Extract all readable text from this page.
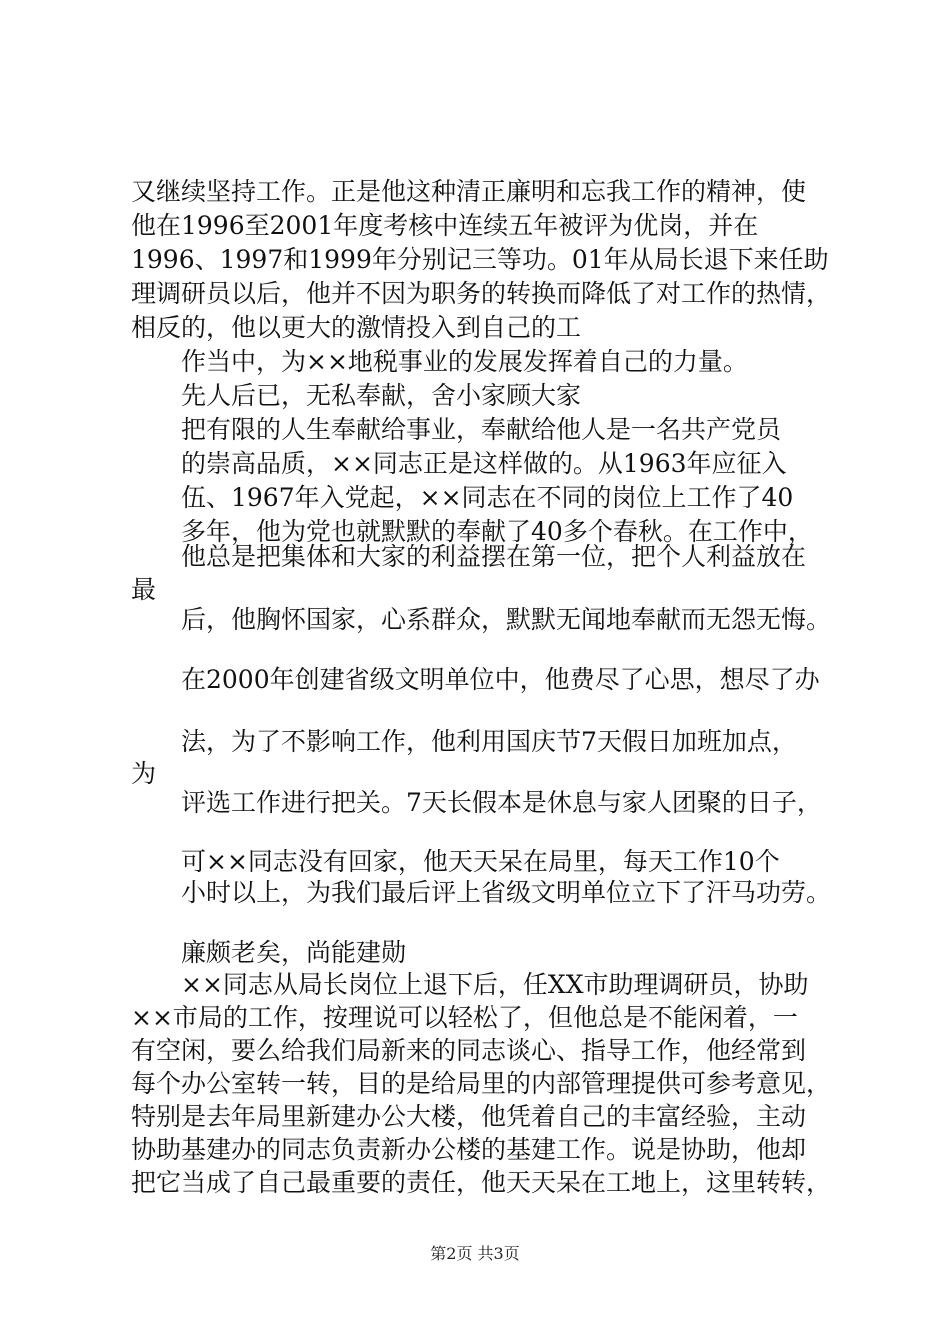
又继续坚持工作。正是他这种清正廉明和忘我工作的精神，使
他在1996至2001年度考核中连续五年被评为优岗，并在
1996、1997和1999年分别记三等功。01年从局长退下来任助
理调研员以后，他并不因为职务的转换而降低了对工作的热情，
相反的，他以更大的激情投入到自己的工
作当中，为××地税事业的发展发挥着自己的力量。
先人后已，无私奉献，舍小家顾大家
把有限的人生奉献给事业，奉献给他人是一名共产党员
的崇高品质，××同志正是这样做的。从1963年应征入
伍、1967年入党起，××同志在不同的岗位上工作了40
多年，他为党也就默默的奉献了40多个春秋。在工作中，
他总是把集体和大家的利益摆在第一位，把个人利益放在
最
后，他胸怀国家，心系群众，默默无闻地奉献而无怨无悔。
在2000年创建省级文明单位中，他费尽了心思，想尽了办
法，为了不影响工作，他利用国庆节7天假日加班加点，
为
评选工作进行把关。7天长假本是休息与家人团聚的日子，
可××同志没有回家，他天天呆在局里，每天工作10个
小时以上，为我们最后评上省级文明单位立下了汗马功劳。
廉颇老矣，尚能建勋
××同志从局长岗位上退下后，任XX市助理调研员，协助
××市局的工作，按理说可以轻松了，但他总是不能闲着，一
有空闲，要么给我们局新来的同志谈心、指导工作，他经常到
每个办公室转一转，目的是给局里的内部管理提供可参考意见，
特别是去年局里新建办公大楼，他凭着自己的丰富经验，主动
协助基建办的同志负责新办公楼的基建工作。说是协助，他却
把它当成了自己最重要的责任，他天天呆在工地上，这里转转，
第2页 共3页
